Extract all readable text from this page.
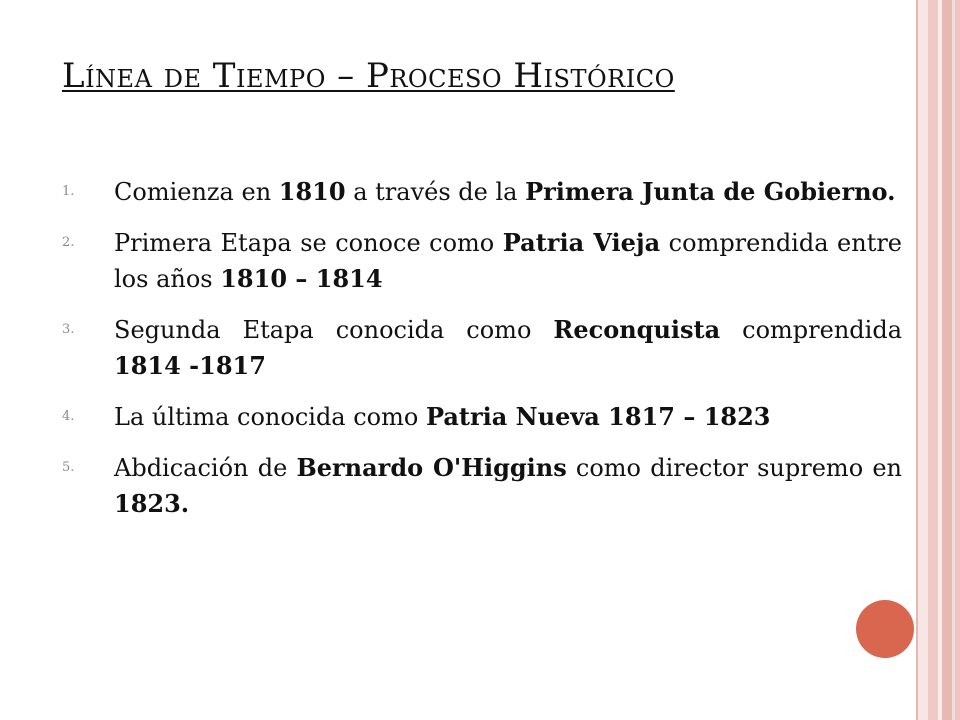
Línea de Tiempo – Proceso Histórico
1. Comienza en 1810 a través de la Primera Junta de Gobierno.
2. Primera Etapa se conoce como Patria Vieja comprendida entre los años 1810 – 1814
3. Segunda Etapa conocida como Reconquista comprendida 1814 -1817
4. La última conocida como Patria Nueva 1817 – 1823
5. Abdicación de Bernardo O'Higgins como director supremo en 1823.
